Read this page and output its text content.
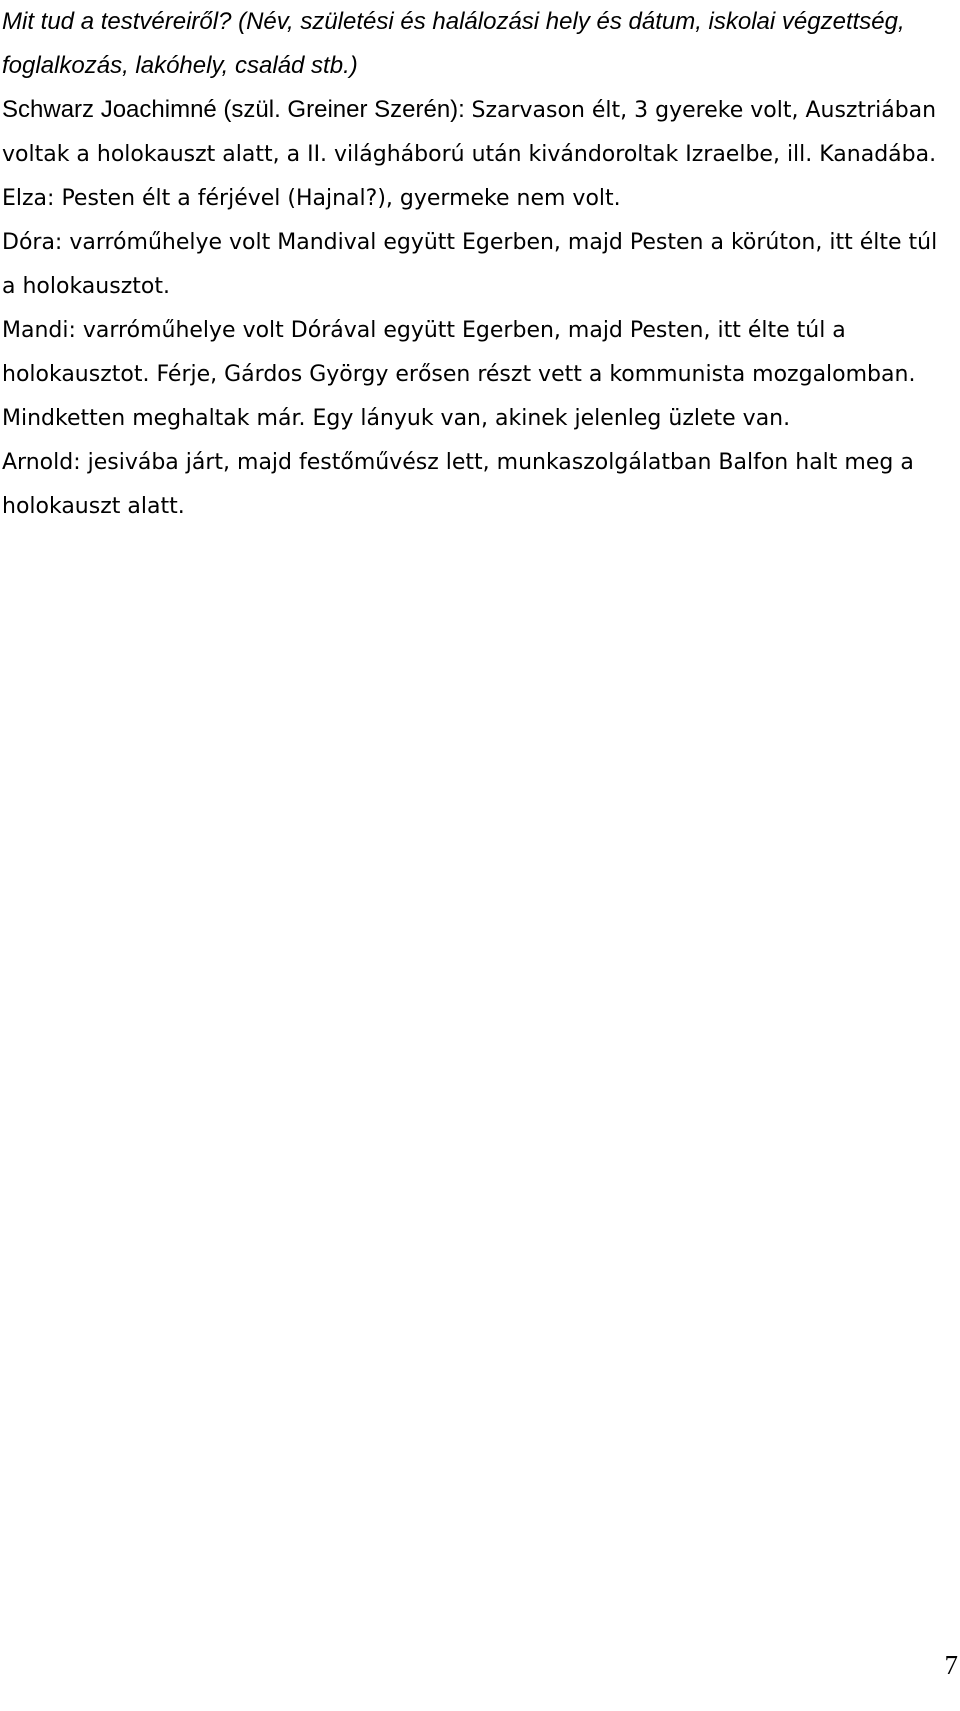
Mit tud a testvéreiről? (Név, születési és halálozási hely és dátum, iskolai végzettség, foglalkozás, lakóhely, család stb.)

Schwarz Joachimné (szül. Greiner Szerén): Szarvason élt, 3 gyereke volt, Ausztriában voltak a holokauszt alatt, a II. világháború után kivándoroltak Izraelbe, ill. Kanadába.

Elza: Pesten élt a férjével (Hajnal?), gyermeke nem volt.

Dóra: varróműhelye volt Mandival együtt Egerben, majd Pesten a körúton, itt élte túl a holokausztot.

Mandi: varróműhelye volt Dórával együtt Egerben, majd Pesten, itt élte túl a holokausztot. Férje, Gárdos György erősen részt vett a kommunista mozgalomban. Mindketten meghaltak már. Egy lányuk van, akinek jelenleg üzlete van.

Arnold: jesivába járt, majd festőművész lett, munkaszolgálatban Balfon halt meg a holokauszt alatt.

7
